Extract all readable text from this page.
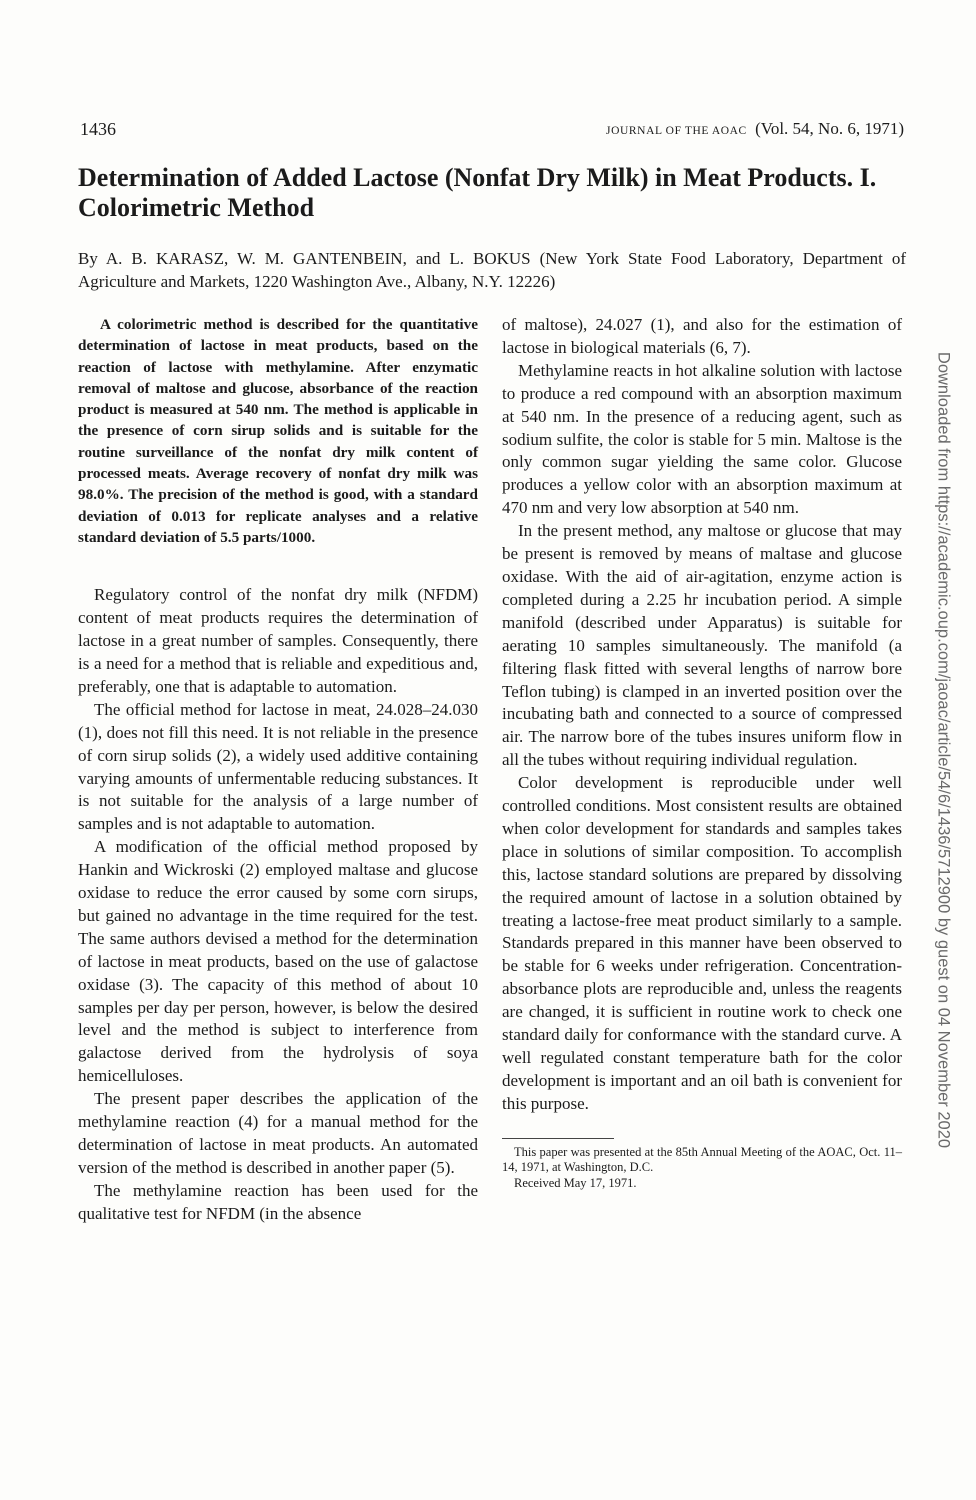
1436	JOURNAL OF THE AOAC (Vol. 54, No. 6, 1971)
Determination of Added Lactose (Nonfat Dry Milk) in Meat Products. I. Colorimetric Method
By A. B. KARASZ, W. M. GANTENBEIN, and L. BOKUS (New York State Food Laboratory, Department of Agriculture and Markets, 1220 Washington Ave., Albany, N.Y. 12226)

A colorimetric method is described for the quantitative determination of lactose in meat products, based on the reaction of lactose with methylamine. After enzymatic removal of maltose and glucose, absorbance of the reaction product is measured at 540 nm. The method is applicable in the presence of corn sirup solids and is suitable for the routine surveillance of the nonfat dry milk content of processed meats. Average recovery of nonfat dry milk was 98.0%. The precision of the method is good, with a standard deviation of 0.013 for replicate analyses and a relative standard deviation of 5.5 parts/1000.

Regulatory control of the nonfat dry milk (NFDM) content of meat products requires the determination of lactose in a great number of samples. Consequently, there is a need for a method that is reliable and expeditious and, preferably, one that is adaptable to automation.

The official method for lactose in meat, 24.028–24.030 (1), does not fill this need. It is not reliable in the presence of corn sirup solids (2), a widely used additive containing varying amounts of unfermentable reducing substances. It is not suitable for the analysis of a large number of samples and is not adaptable to automation.

A modification of the official method proposed by Hankin and Wickroski (2) employed maltase and glucose oxidase to reduce the error caused by some corn sirups, but gained no advantage in the time required for the test. The same authors devised a method for the determination of lactose in meat products, based on the use of galactose oxidase (3). The capacity of this method of about 10 samples per day per person, however, is below the desired level and the method is subject to interference from galactose derived from the hydrolysis of soya hemicelluloses.

The present paper describes the application of the methylamine reaction (4) for a manual method for the determination of lactose in meat products. An automated version of the method is described in another paper (5).

The methylamine reaction has been used for the qualitative test for NFDM (in the absence

of maltose), 24.027 (1), and also for the estimation of lactose in biological materials (6, 7).

Methylamine reacts in hot alkaline solution with lactose to produce a red compound with an absorption maximum at 540 nm. In the presence of a reducing agent, such as sodium sulfite, the color is stable for 5 min. Maltose is the only common sugar yielding the same color. Glucose produces a yellow color with an absorption maximum at 470 nm and very low absorption at 540 nm.

In the present method, any maltose or glucose that may be present is removed by means of maltase and glucose oxidase. With the aid of air-agitation, enzyme action is completed during a 2.25 hr incubation period. A simple manifold (described under Apparatus) is suitable for aerating 10 samples simultaneously. The manifold (a filtering flask fitted with several lengths of narrow bore Teflon tubing) is clamped in an inverted position over the incubating bath and connected to a source of compressed air. The narrow bore of the tubes insures uniform flow in all the tubes without requiring individual regulation.

Color development is reproducible under well controlled conditions. Most consistent results are obtained when color development for standards and samples takes place in solutions of similar composition. To accomplish this, lactose standard solutions are prepared by dissolving the required amount of lactose in a solution obtained by treating a lactose-free meat product similarly to a sample. Standards prepared in this manner have been observed to be stable for 6 weeks under refrigeration. Concentration-absorbance plots are reproducible and, unless the reagents are changed, it is sufficient in routine work to check one standard daily for conformance with the standard curve. A well regulated constant temperature bath for the color development is important and an oil bath is convenient for this purpose.

This paper was presented at the 85th Annual Meeting of the AOAC, Oct. 11–14, 1971, at Washington, D.C.

Received May 17, 1971.

Downloaded from https://academic.oup.com/jaoac/article/54/6/1436/5712900 by guest on 04 November 2020
